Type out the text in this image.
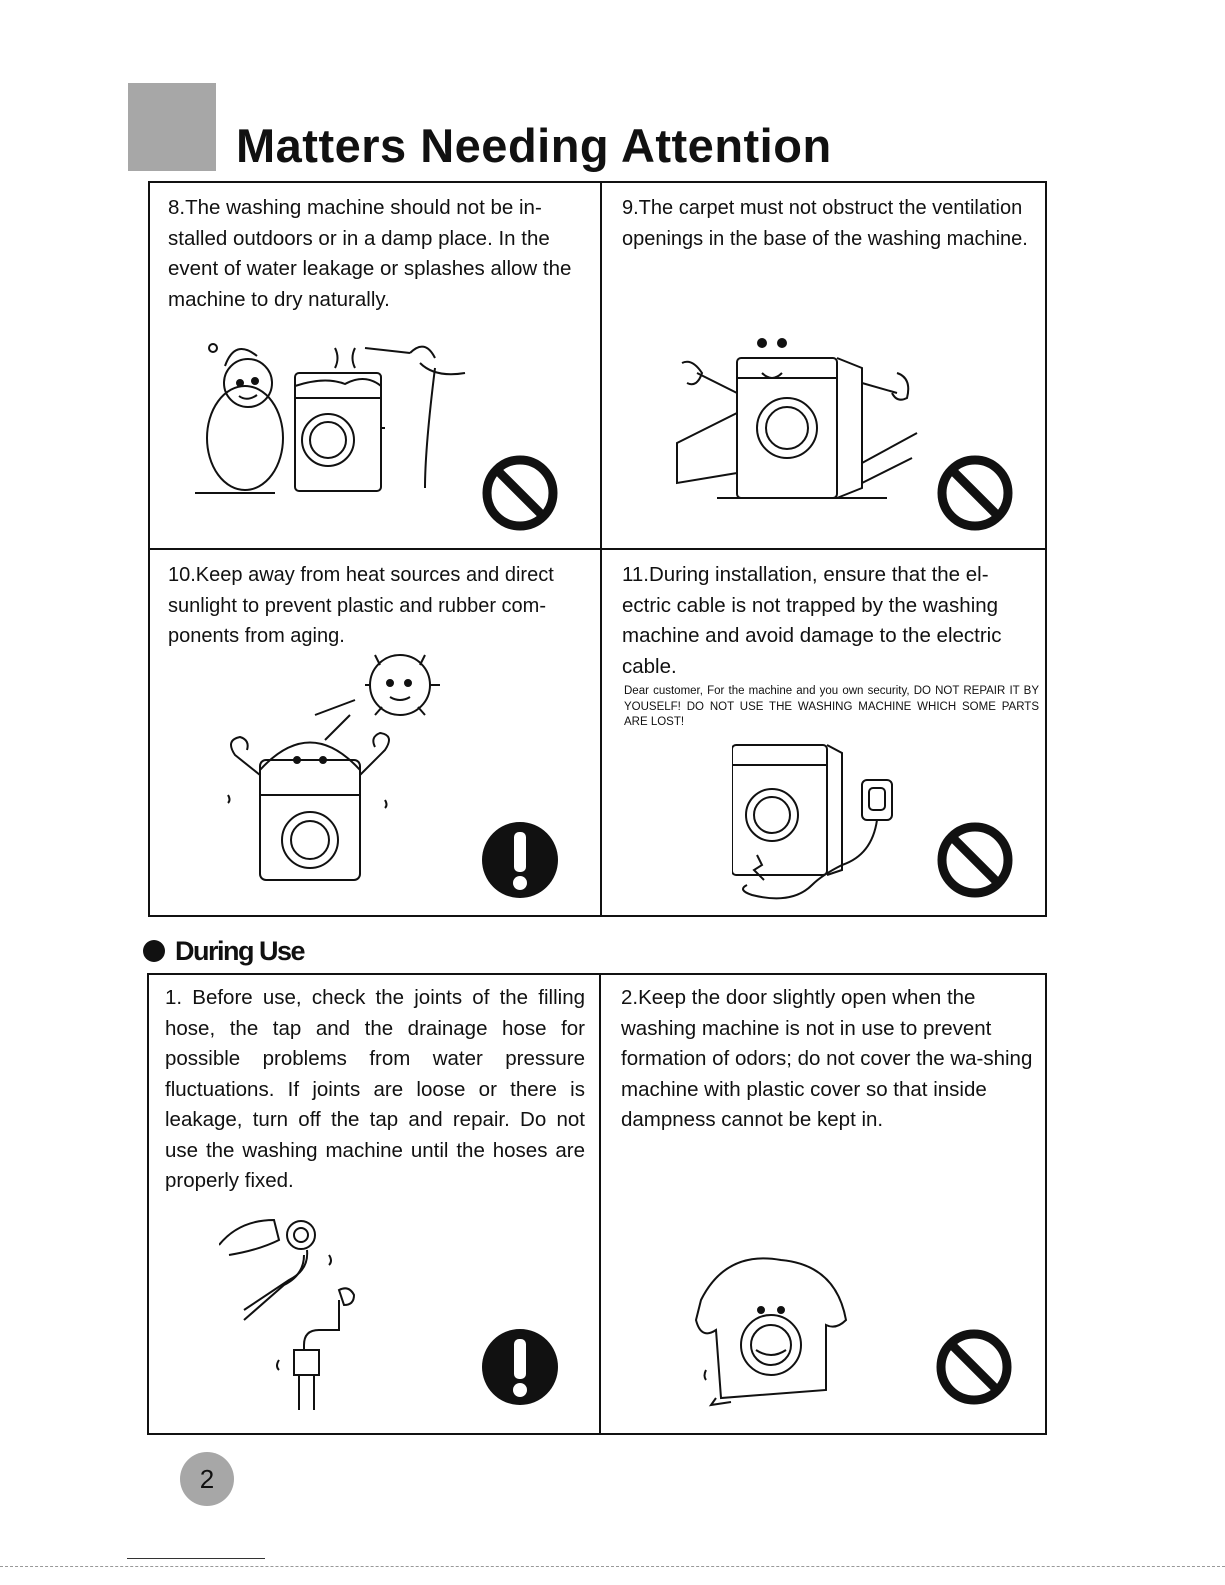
Matters Needing Attention

8.The washing machine should not be in-stalled outdoors or in a damp place. In the event of water leakage or splashes allow the machine to dry naturally.

9.The carpet must not obstruct the ventilation openings in the base of the washing machine.

10.Keep away from heat sources and direct sunlight to prevent plastic and rubber com-ponents from aging.

11.During installation, ensure that the el-ectric cable is not trapped by the washing machine and avoid damage to the electric cable.

Dear customer, For the machine and you own security, DO NOT REPAIR IT BY YOUSELF! DO NOT USE THE WASHING MACHINE WHICH SOME PARTS ARE LOST!

During Use

1. Before use, check the joints of the filling hose, the tap and the drainage hose for possible problems from water pressure fluctuations. If joints are loose or there is leakage, turn off the tap and repair. Do not use the washing machine until the hoses are properly fixed.

2.Keep the door slightly open when the washing machine is not in use to prevent formation of odors; do not cover the wa-shing machine with plastic cover so that inside dampness cannot be kept in.

2
